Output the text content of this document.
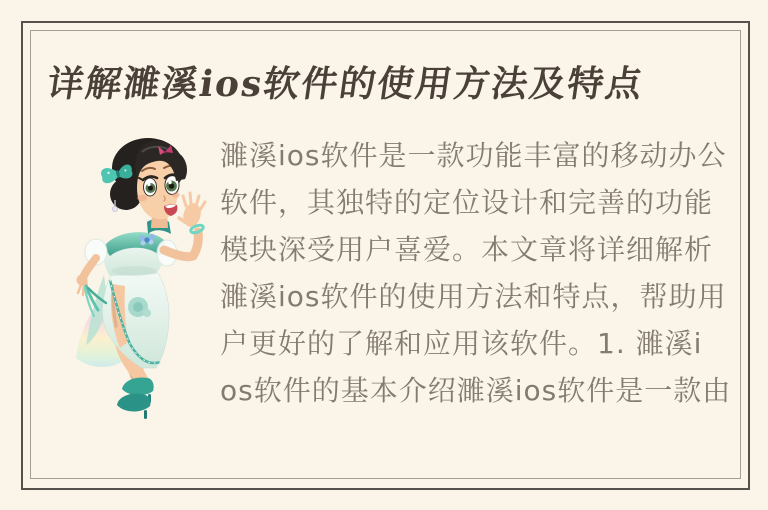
详解濉溪ios软件的使用方法及特点
濉溪ios软件是一款功能丰富的移动办公
软件，其独特的定位设计和完善的功能
模块深受用户喜爱。本文章将详细解析
濉溪ios软件的使用方法和特点，帮助用
户更好的了解和应用该软件。1. 濉溪i
os软件的基本介绍濉溪ios软件是一款由
